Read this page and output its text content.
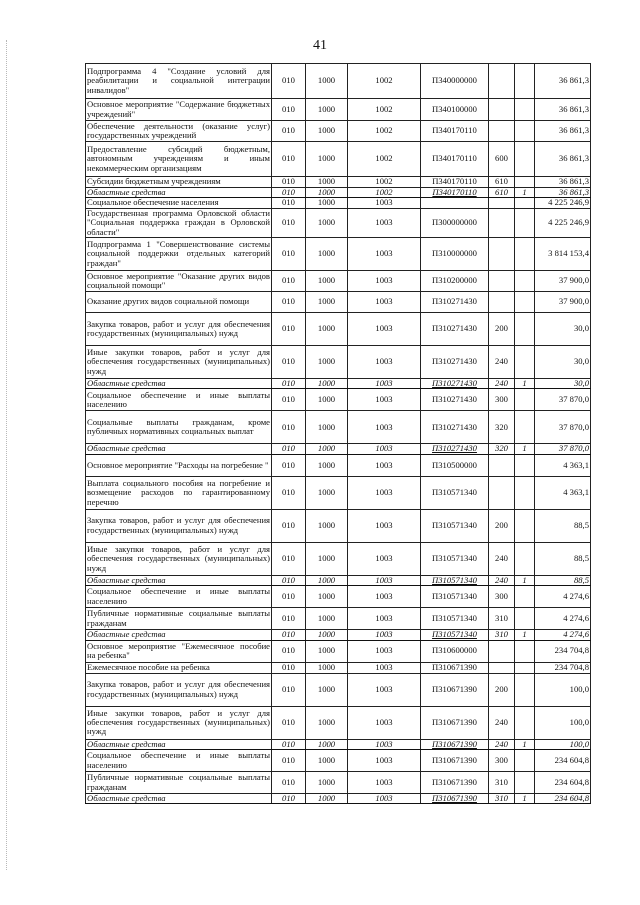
41
Подпрограмма 4 "Создание условий для реабилитации и социальной интеграции инвалидов"	010	1000	1002	П340000000			36 861,3
Основное мероприятие "Содержание бюджетных учреждений"	010	1000	1002	П340100000			36 861,3
Обеспечение деятельности (оказание услуг) государственных учреждений	010	1000	1002	П340170110			36 861,3
Предоставление субсидий бюджетным, автономным учреждениям и иным некоммерческим организациям	010	1000	1002	П340170110	600		36 861,3
Субсидии бюджетным учреждениям	010	1000	1002	П340170110	610		36 861,3
Областные средства	010	1000	1002	П340170110	610	1	36 861,3
Социальное обеспечение населения	010	1000	1003				4 225 246,9
Государственная программа Орловской области "Социальная поддержка граждан в Орловской области"	010	1000	1003	П300000000			4 225 246,9
Подпрограмма 1 "Совершенствование системы социальной поддержки отдельных категорий граждан"	010	1000	1003	П310000000			3 814 153,4
Основное мероприятие "Оказание других видов социальной помощи"	010	1000	1003	П310200000			37 900,0
Оказание других видов социальной помощи	010	1000	1003	П310271430			37 900,0
Закупка товаров, работ и услуг для обеспечения государственных (муниципальных) нужд	010	1000	1003	П310271430	200		30,0
Иные закупки товаров, работ и услуг для обеспечения государственных (муниципальных) нужд	010	1000	1003	П310271430	240		30,0
Областные средства	010	1000	1003	П310271430	240	1	30,0
Социальное обеспечение и иные выплаты населению	010	1000	1003	П310271430	300		37 870,0
Социальные выплаты гражданам, кроме публичных нормативных социальных выплат	010	1000	1003	П310271430	320		37 870,0
Областные средства	010	1000	1003	П310271430	320	1	37 870,0
Основное мероприятие "Расходы на погребение "	010	1000	1003	П310500000			4 363,1
Выплата социального пособия на погребение и возмещение расходов по гарантированному перечню	010	1000	1003	П310571340			4 363,1
Закупка товаров, работ и услуг для обеспечения государственных (муниципальных) нужд	010	1000	1003	П310571340	200		88,5
Иные закупки товаров, работ и услуг для обеспечения государственных (муниципальных) нужд	010	1000	1003	П310571340	240		88,5
Областные средства	010	1000	1003	П310571340	240	1	88,5
Социальное обеспечение и иные выплаты населению	010	1000	1003	П310571340	300		4 274,6
Публичные нормативные социальные выплаты гражданам	010	1000	1003	П310571340	310		4 274,6
Областные средства	010	1000	1003	П310571340	310	1	4 274,6
Основное мероприятие "Ежемесячное пособие на ребенка"	010	1000	1003	П310600000			234 704,8
Ежемесячное пособие на ребенка	010	1000	1003	П310671390			234 704,8
Закупка товаров, работ и услуг для обеспечения государственных (муниципальных) нужд	010	1000	1003	П310671390	200		100,0
Иные закупки товаров, работ и услуг для обеспечения государственных (муниципальных) нужд	010	1000	1003	П310671390	240		100,0
Областные средства	010	1000	1003	П310671390	240	1	100,0
Социальное обеспечение и иные выплаты населению	010	1000	1003	П310671390	300		234 604,8
Публичные нормативные социальные выплаты гражданам	010	1000	1003	П310671390	310		234 604,8
Областные средства	010	1000	1003	П310671390	310	1	234 604,8
